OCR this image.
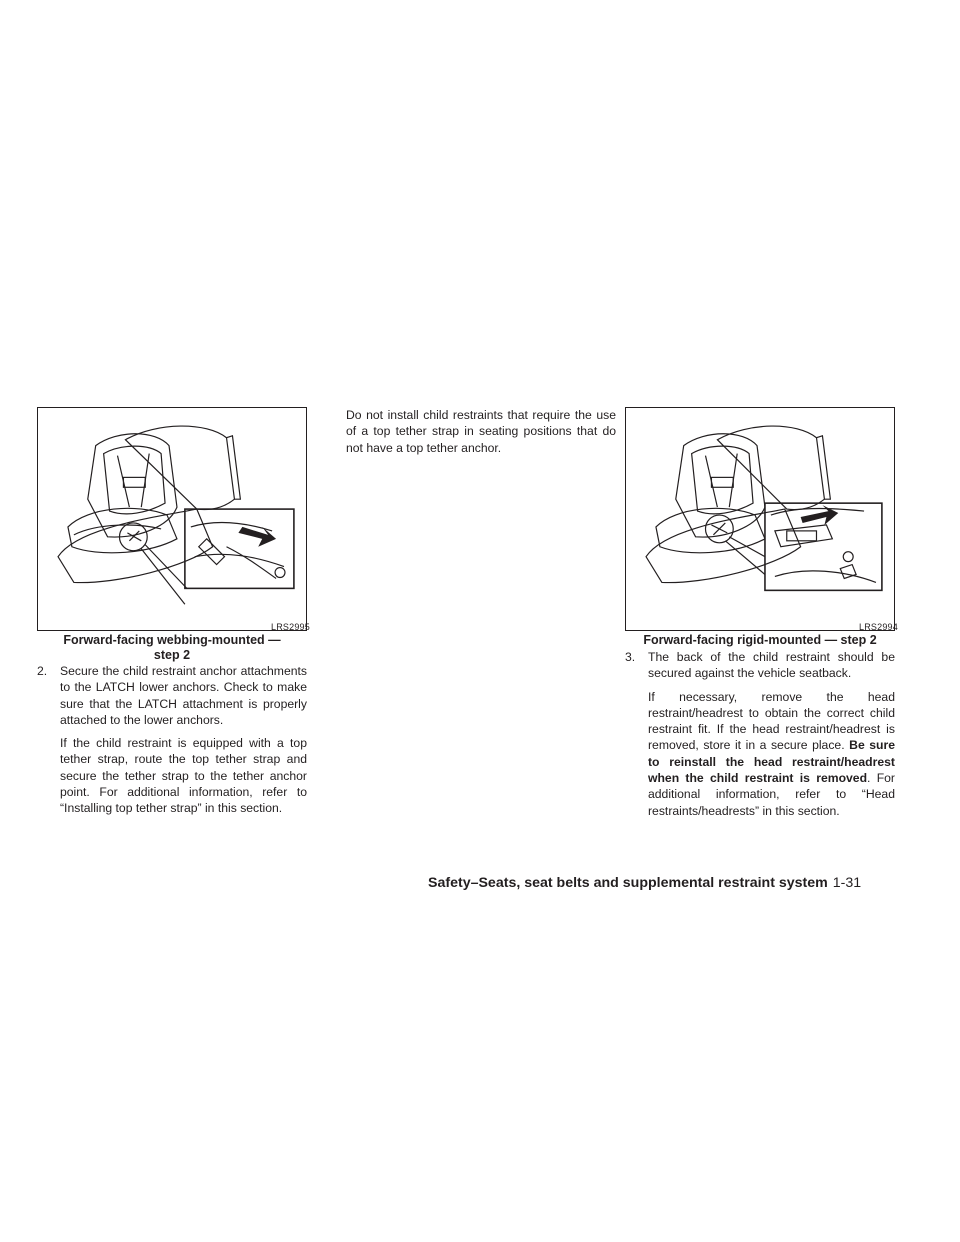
LRS2995
Forward-facing webbing-mounted —
step 2
2. Secure the child restraint anchor attachments to the LATCH lower anchors. Check to make sure that the LATCH attachment is properly attached to the lower anchors.

If the child restraint is equipped with a top tether strap, route the top tether strap and secure the tether strap to the tether anchor point. For additional information, refer to “Installing top tether strap” in this section.

Do not install child restraints that require the use of a top tether strap in seating positions that do not have a top tether anchor.

LRS2994
Forward-facing rigid-mounted — step 2
3. The back of the child restraint should be secured against the vehicle seatback.

If necessary, remove the head restraint/headrest to obtain the correct child restraint fit. If the head restraint/headrest is removed, store it in a secure place. Be sure to reinstall the head restraint/headrest when the child restraint is removed. For additional information, refer to “Head restraints/headrests” in this section.

Safety–Seats, seat belts and supplemental restraint system 1-31
